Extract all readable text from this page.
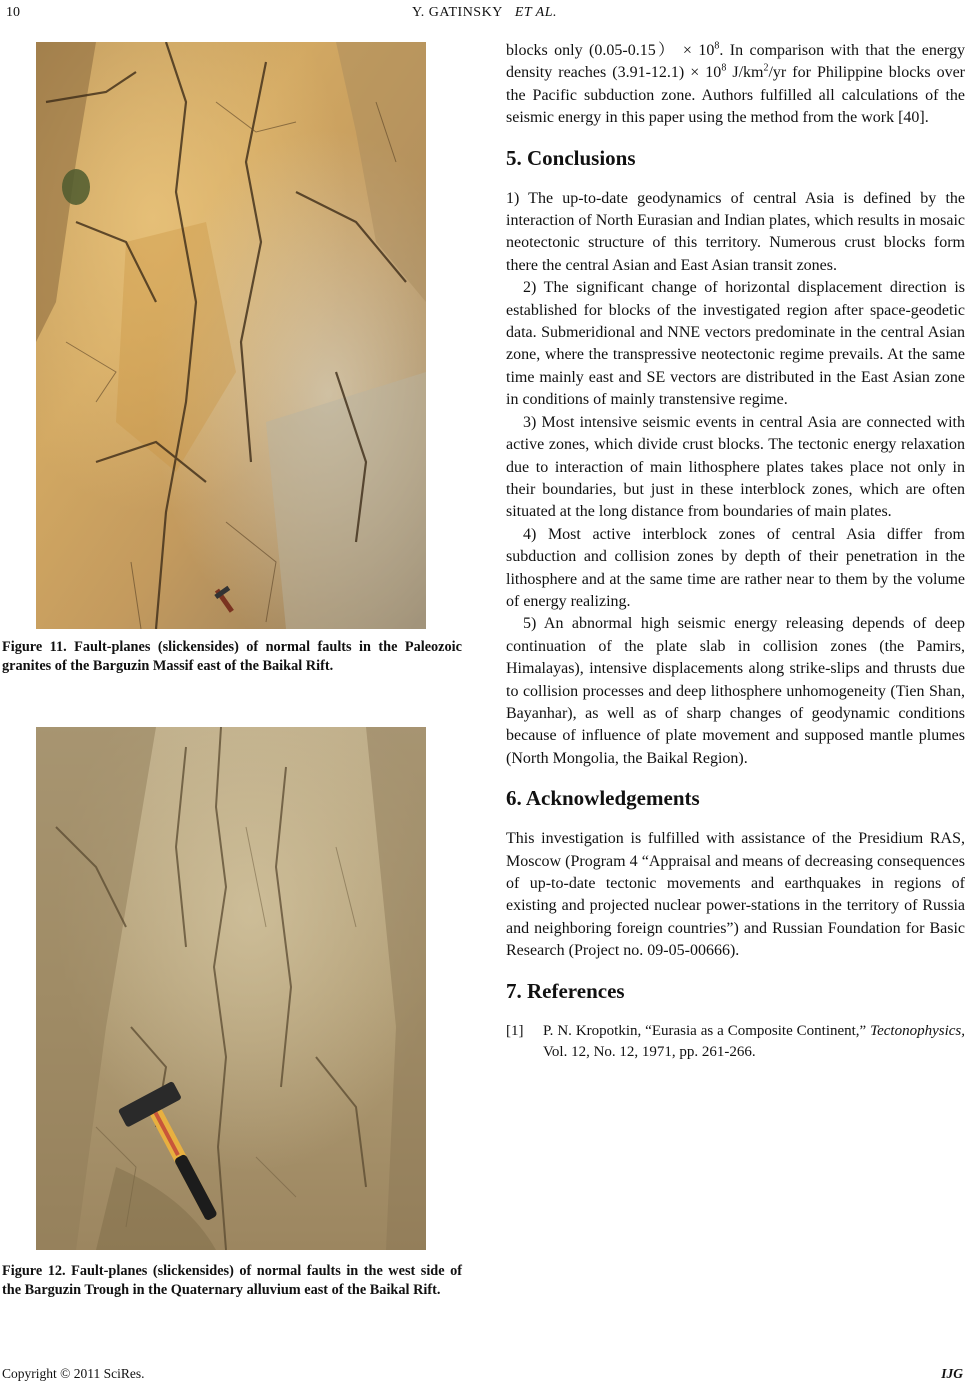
10	Y. GATINSKY ET AL.
Figure 11. Fault-planes (slickensides) of normal faults in the Paleozoic granites of the Barguzin Massif east of the Baikal Rift.
Figure 12. Fault-planes (slickensides) of normal faults in the west side of the Barguzin Trough in the Quaternary alluvium east of the Baikal Rift.

blocks only $(0.05-0.15) \times 10^8$. In comparison with that the energy density reaches $(3.91-12.1) \times 10^8$ $J/km^2/yr$ for Philippine blocks over the Pacific subduction zone. Authors fulfilled all calculations of the seismic energy in this paper using the method from the work [40].

5. Conclusions

1) The up-to-date geodynamics of central Asia is defined by the interaction of North Eurasian and Indian plates, which results in mosaic neotectonic structure of this territory. Numerous crust blocks form there the central Asian and East Asian transit zones.

2) The significant change of horizontal displacement direction is established for blocks of the investigated region after space-geodetic data. Submeridional and NNE vectors predominate in the central Asian zone, where the transpressive neotectonic regime prevails. At the same time mainly east and SE vectors are distributed in the East Asian zone in conditions of mainly transtensive regime.

3) Most intensive seismic events in central Asia are connected with active zones, which divide crust blocks. The tectonic energy relaxation due to interaction of main lithosphere plates takes place not only in their boundaries, but just in these interblock zones, which are often situated at the long distance from boundaries of main plates.

4) Most active interblock zones of central Asia differ from subduction and collision zones by depth of their penetration in the lithosphere and at the same time are rather near to them by the volume of energy realizing.

5) An abnormal high seismic energy releasing depends of deep continuation of the plate slab in collision zones (the Pamirs, Himalayas), intensive displacements along strike-slips and thrusts due to collision processes and deep lithosphere unhomogeneity (Tien Shan, Bayanhar), as well as of sharp changes of geodynamic conditions because of influence of plate movement and supposed mantle plumes (North Mongolia, the Baikal Region).

6. Acknowledgements

This investigation is fulfilled with assistance of the Presidium RAS, Moscow (Program 4 “Appraisal and means of decreasing consequences of up-to-date tectonic movements and earthquakes in regions of existing and projected nuclear power-stations in the territory of Russia and neighboring foreign countries”) and Russian Foundation for Basic Research (Project no. 09-05-00666).

7. References
[1] P. N. Kropotkin, “Eurasia as a Composite Continent,” Tectonophysics, Vol. 12, No. 12, 1971, pp. 261-266.
Copyright © 2011 SciRes.	IJG
